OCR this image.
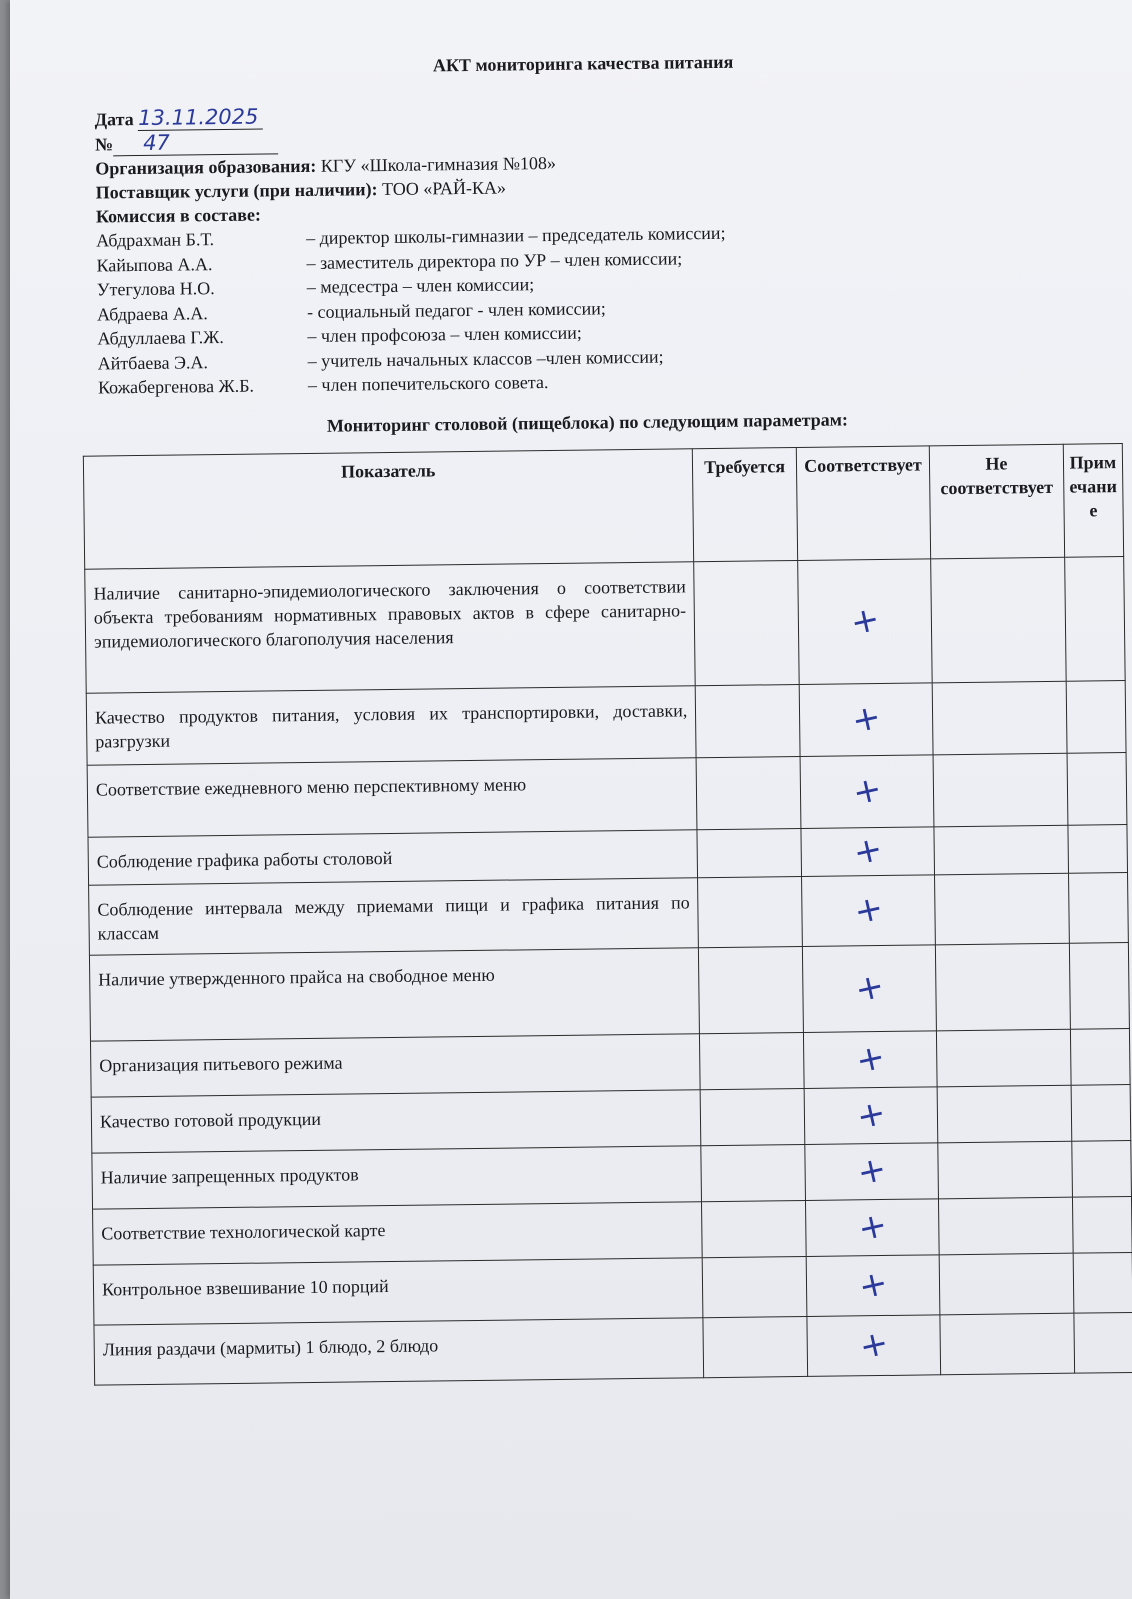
АКТ мониторинга качества питания
Дата 13.11.2025
№ 47
Организация образования: КГУ «Школа-гимназия №108»
Поставщик услуги (при наличии): ТОО «РАЙ-КА»
Комиссия в составе:
Абдрахман Б.Т.	– директор школы-гимназии – председатель комиссии;
Кайыпова А.А.	– заместитель директора по УР – член комиссии;
Утегулова Н.О.	– медсестра – член комиссии;
Абдраева А.А.	- социальный педагог - член комиссии;
Абдуллаева Г.Ж.	– член профсоюза – член комиссии;
Айтбаева Э.А.	– учитель начальных классов –член комиссии;
Кожабергенова Ж.Б.	– член попечительского совета.
Мониторинг столовой (пищеблока) по следующим параметрам:
Показатель	Требуется	Соответствует	Не соответствует	Примечание
Наличие санитарно-эпидемиологического заключения о соответствии объекта требованиям нормативных правовых актов в сфере санитарно-эпидемиологического благополучия населения		+		
Качество продуктов питания, условия их транспортировки, доставки, разгрузки		+		
Соответствие ежедневного меню перспективному меню		+		
Соблюдение графика работы столовой		+		
Соблюдение интервала между приемами пищи и графика питания по классам		+		
Наличие утвержденного прайса на свободное меню		+		
Организация питьевого режима		+		
Качество готовой продукции		+		
Наличие запрещенных продуктов		+		
Соответствие технологической карте		+		
Контрольное взвешивание 10 порций		+		
Линия раздачи (мармиты) 1 блюдо, 2 блюдо		+		
